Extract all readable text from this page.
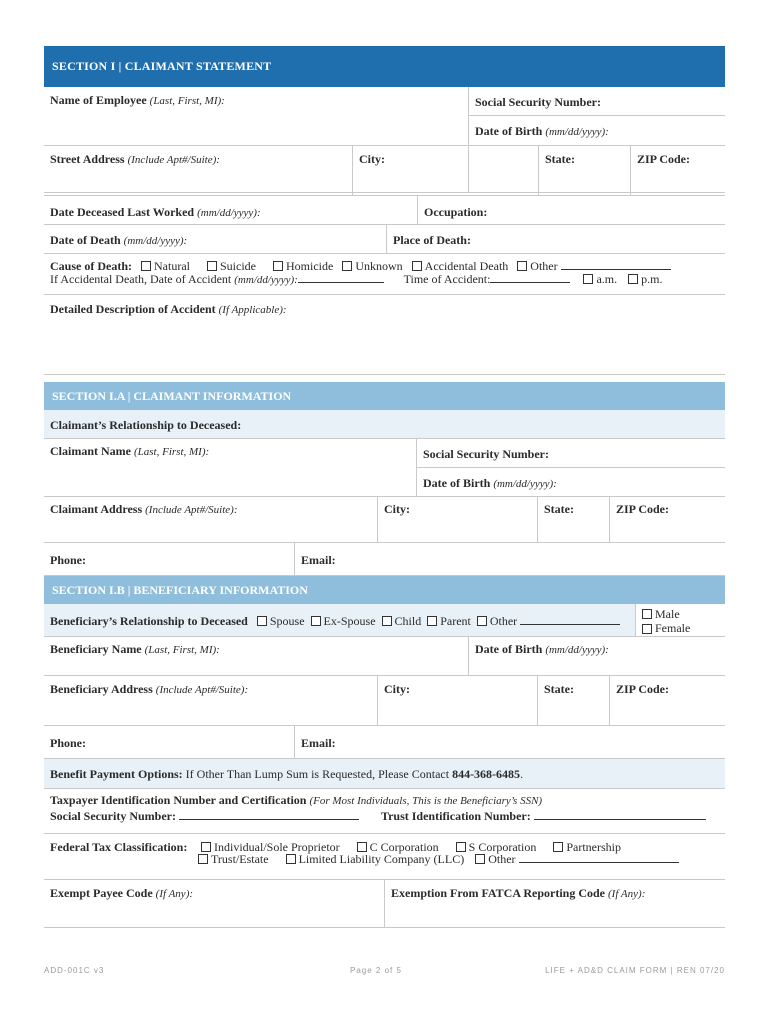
SECTION I | CLAIMANT STATEMENT
Name of Employee (Last, First, MI):	Social Security Number:
Date of Birth (mm/dd/yyyy):
Street Address (Include Apt#/Suite):	City:	State:	ZIP Code:
Date Deceased Last Worked (mm/dd/yyyy):	Occupation:
Date of Death (mm/dd/yyyy):	Place of Death:
Cause of Death: Natural	Suicide	Homicide Unknown Accidental Death Other
If Accidental Death, Date of Accident (mm/dd/yyyy):	Time of Accident:	a.m. p.m.
Detailed Description of Accident (If Applicable):
SECTION I.A | CLAIMANT INFORMATION
Claimant’s Relationship to Deceased:
Claimant Name (Last, First, MI):	Social Security Number:
Date of Birth (mm/dd/yyyy):
Claimant Address (Include Apt#/Suite):	City:	State:	ZIP Code:
Phone:	Email:
SECTION I.B | BENEFICIARY INFORMATION
Beneficiary’s Relationship to Deceased Spouse Ex-Spouse Child Parent Other	Male
Female
Beneficiary Name (Last, First, MI):	Date of Birth (mm/dd/yyyy):
Beneficiary Address (Include Apt#/Suite):	City:	State:	ZIP Code:
Phone:	Email:
Benefit Payment Options: If Other Than Lump Sum is Requested, Please Contact 844-368-6485.
Taxpayer Identification Number and Certification (For Most Individuals, This is the Beneficiary’s SSN)
Social Security Number:	Trust Identification Number:
Federal Tax Classification: Individual/Sole Proprietor	C Corporation	S Corporation	Partnership
Trust/Estate	Limited Liability Company (LLC) Other
Exempt Payee Code (If Any):	Exemption From FATCA Reporting Code (If Any):
ADD-001C v3	Page 2 of 5	LIFE + AD&D CLAIM FORM | REN 07/20
